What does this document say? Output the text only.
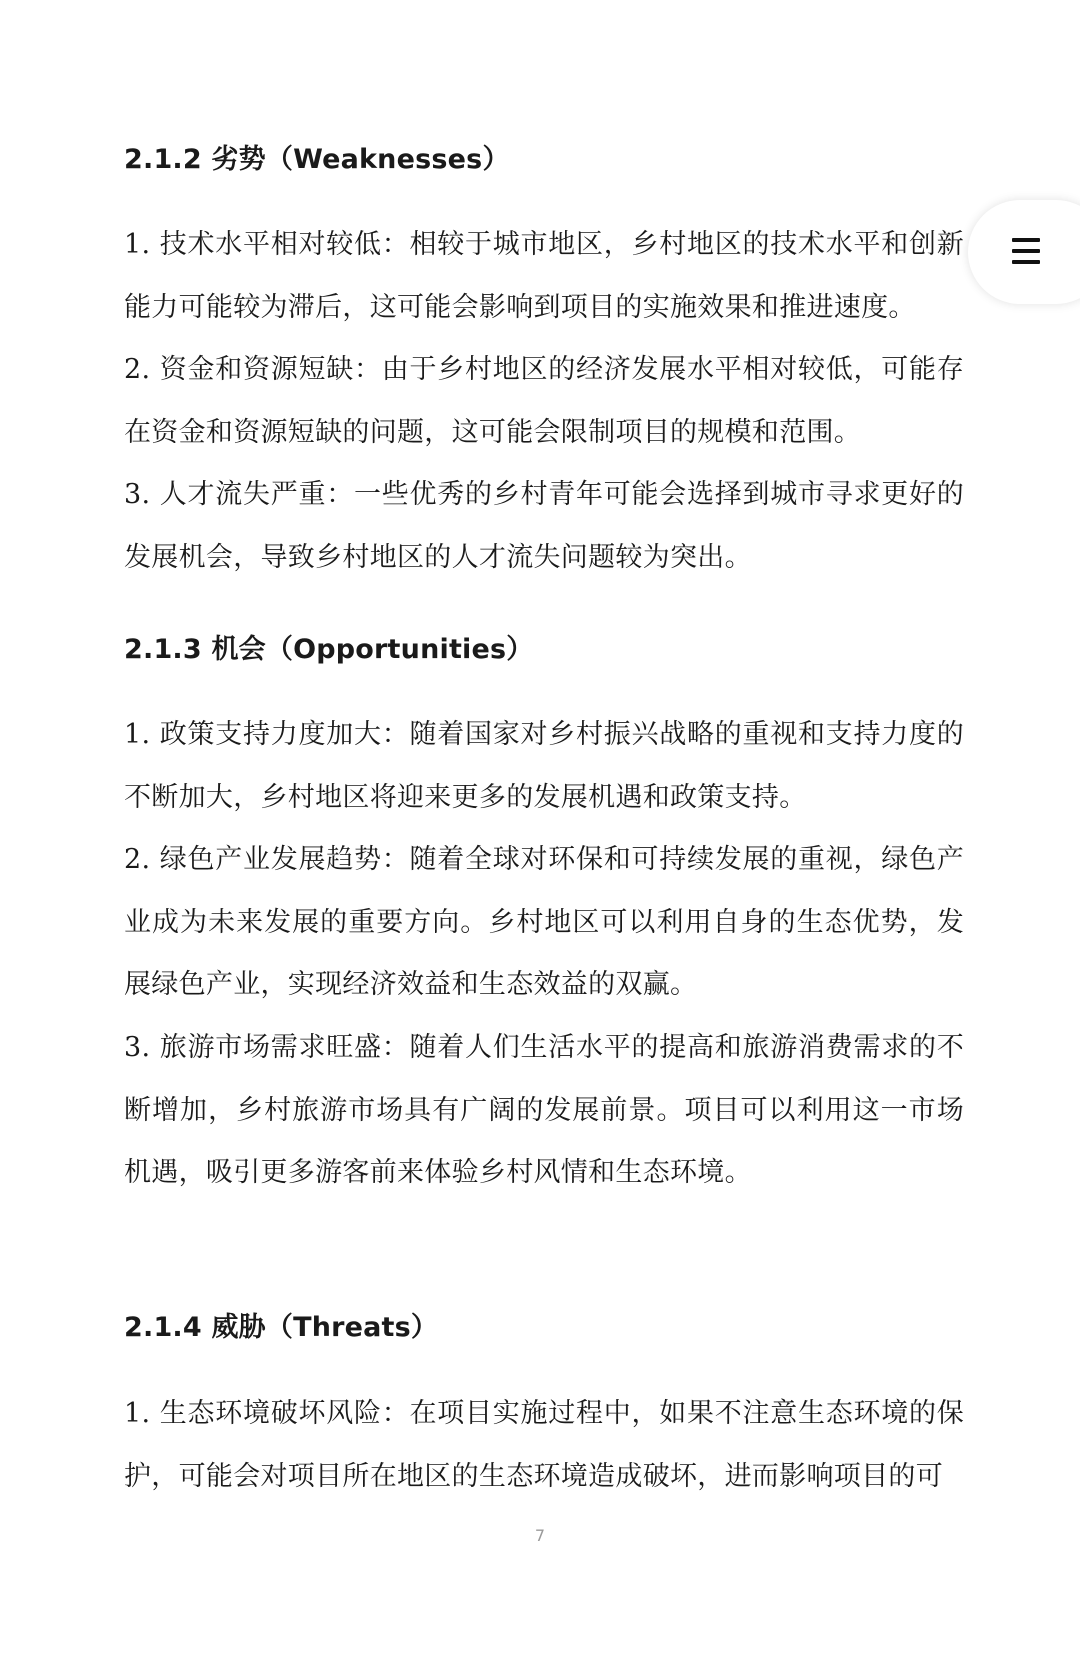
2.1.2 劣势（Weaknesses）
1. 技术水平相对较低：相较于城市地区，乡村地区的技术水平和创新能力可能较为滞后，这可能会影响到项目的实施效果和推进速度。
2. 资金和资源短缺：由于乡村地区的经济发展水平相对较低，可能存在资金和资源短缺的问题，这可能会限制项目的规模和范围。
3. 人才流失严重：一些优秀的乡村青年可能会选择到城市寻求更好的发展机会，导致乡村地区的人才流失问题较为突出。
2.1.3 机会（Opportunities）
1. 政策支持力度加大：随着国家对乡村振兴战略的重视和支持力度的不断加大，乡村地区将迎来更多的发展机遇和政策支持。
2. 绿色产业发展趋势：随着全球对环保和可持续发展的重视，绿色产业成为未来发展的重要方向。乡村地区可以利用自身的生态优势，发展绿色产业，实现经济效益和生态效益的双赢。
3. 旅游市场需求旺盛：随着人们生活水平的提高和旅游消费需求的不断增加，乡村旅游市场具有广阔的发展前景。项目可以利用这一市场机遇，吸引更多游客前来体验乡村风情和生态环境。
2.1.4 威胁（Threats）
1. 生态环境破坏风险：在项目实施过程中，如果不注意生态环境的保护，可能会对项目所在地区的生态环境造成破坏，进而影响项目的可
7
